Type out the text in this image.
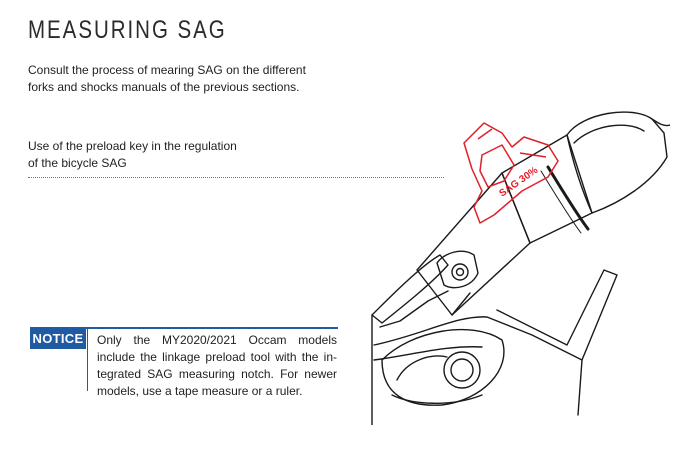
MEASURING SAG
Consult the process of mearing SAG on the different forks and shocks manuals of the previous sections.
Use of the preload key in the regulation
of the bicycle SAG
NOTICE Only the MY2020/2021 Occam models include the linkage preload tool with the in-tegrated SAG measuring notch. For newer models, use a tape measure or a ruler.
SAG 30%
